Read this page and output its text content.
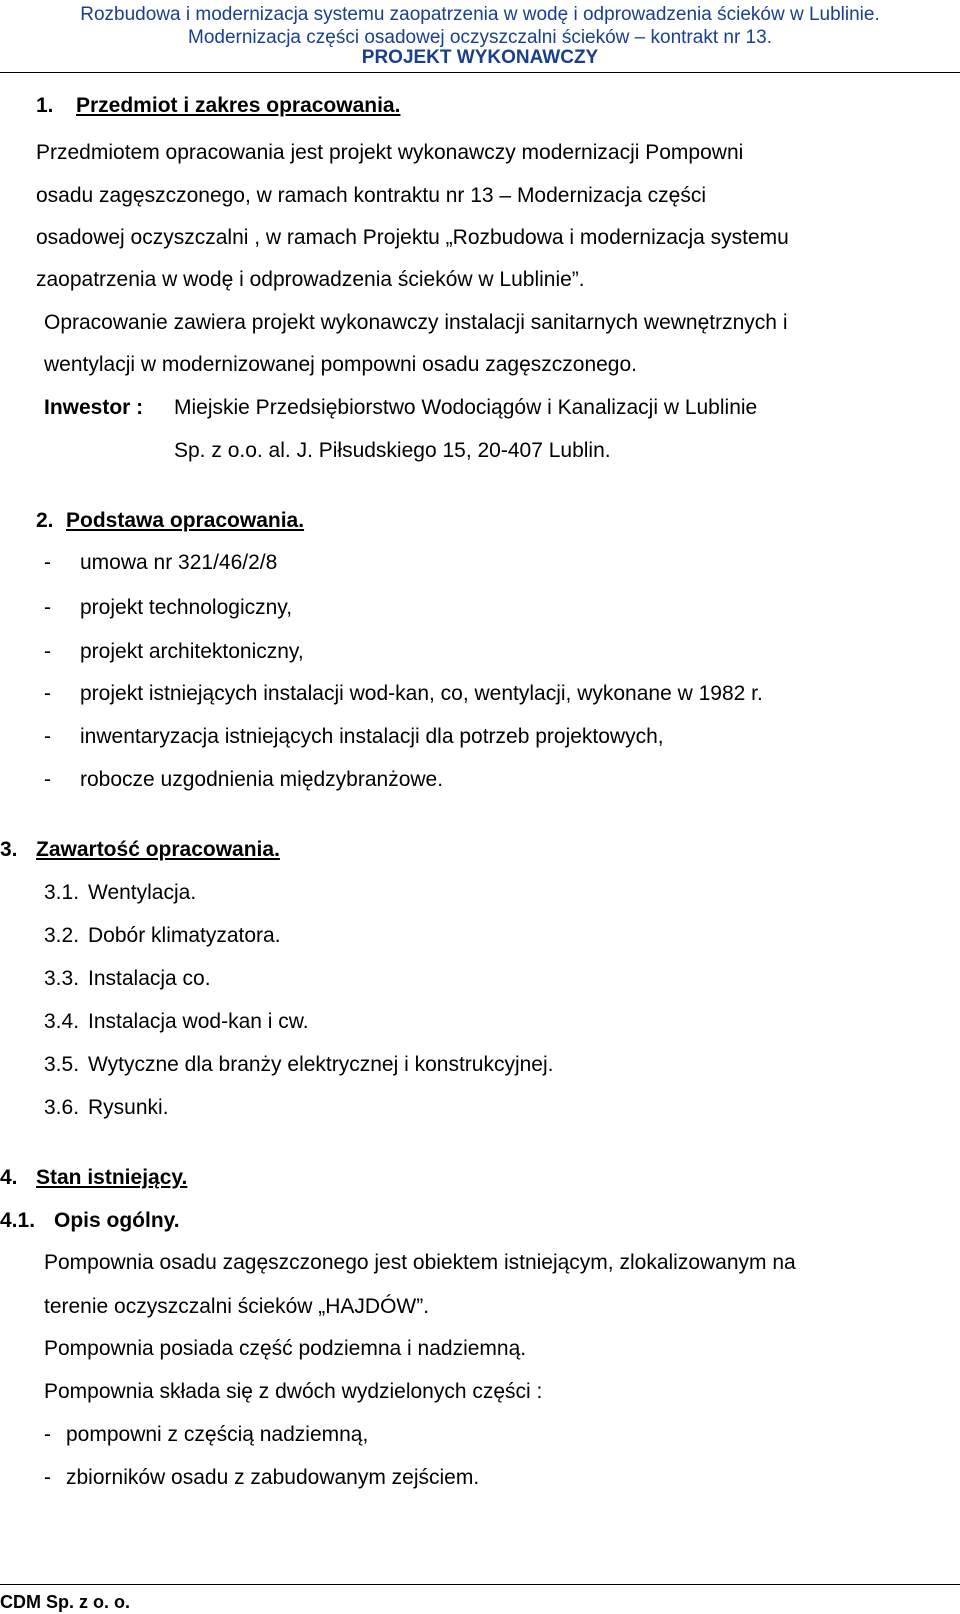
Rozbudowa i modernizacja systemu zaopatrzenia w wodę i odprowadzenia ścieków w Lublinie.
Modernizacja części osadowej oczyszczalni ścieków – kontrakt nr 13.
PROJEKT WYKONAWCZY
1. Przedmiot i zakres opracowania.
Przedmiotem opracowania jest projekt wykonawczy modernizacji Pompowni
osadu zagęszczonego, w ramach kontraktu nr 13 – Modernizacja części
osadowej oczyszczalni , w ramach Projektu „Rozbudowa i modernizacja systemu
zaopatrzenia w wodę i odprowadzenia ścieków w Lublinie”.
Opracowanie zawiera projekt wykonawczy instalacji sanitarnych wewnętrznych i
wentylacji w modernizowanej pompowni osadu zagęszczonego.
Inwestor : Miejskie Przedsiębiorstwo Wodociągów i Kanalizacji w Lublinie
Sp. z o.o. al. J. Piłsudskiego 15, 20-407 Lublin.
2. Podstawa opracowania.
- umowa nr 321/46/2/8
- projekt technologiczny,
- projekt architektoniczny,
- projekt istniejących instalacji wod-kan, co, wentylacji, wykonane w 1982 r.
- inwentaryzacja istniejących instalacji dla potrzeb projektowych,
- robocze uzgodnienia międzybranżowe.
3. Zawartość opracowania.
3.1. Wentylacja.
3.2. Dobór klimatyzatora.
3.3. Instalacja co.
3.4. Instalacja wod-kan i cw.
3.5. Wytyczne dla branży elektrycznej i konstrukcyjnej.
3.6. Rysunki.
4. Stan istniejący.
4.1. Opis ogólny.
Pompownia osadu zagęszczonego jest obiektem istniejącym, zlokalizowanym na
terenie oczyszczalni ścieków „HAJDÓW”.
Pompownia posiada część podziemna i nadziemną.
Pompownia składa się z dwóch wydzielonych części :
- pompowni z częścią nadziemną,
- zbiorników osadu z zabudowanym zejściem.
CDM Sp. z o. o.
